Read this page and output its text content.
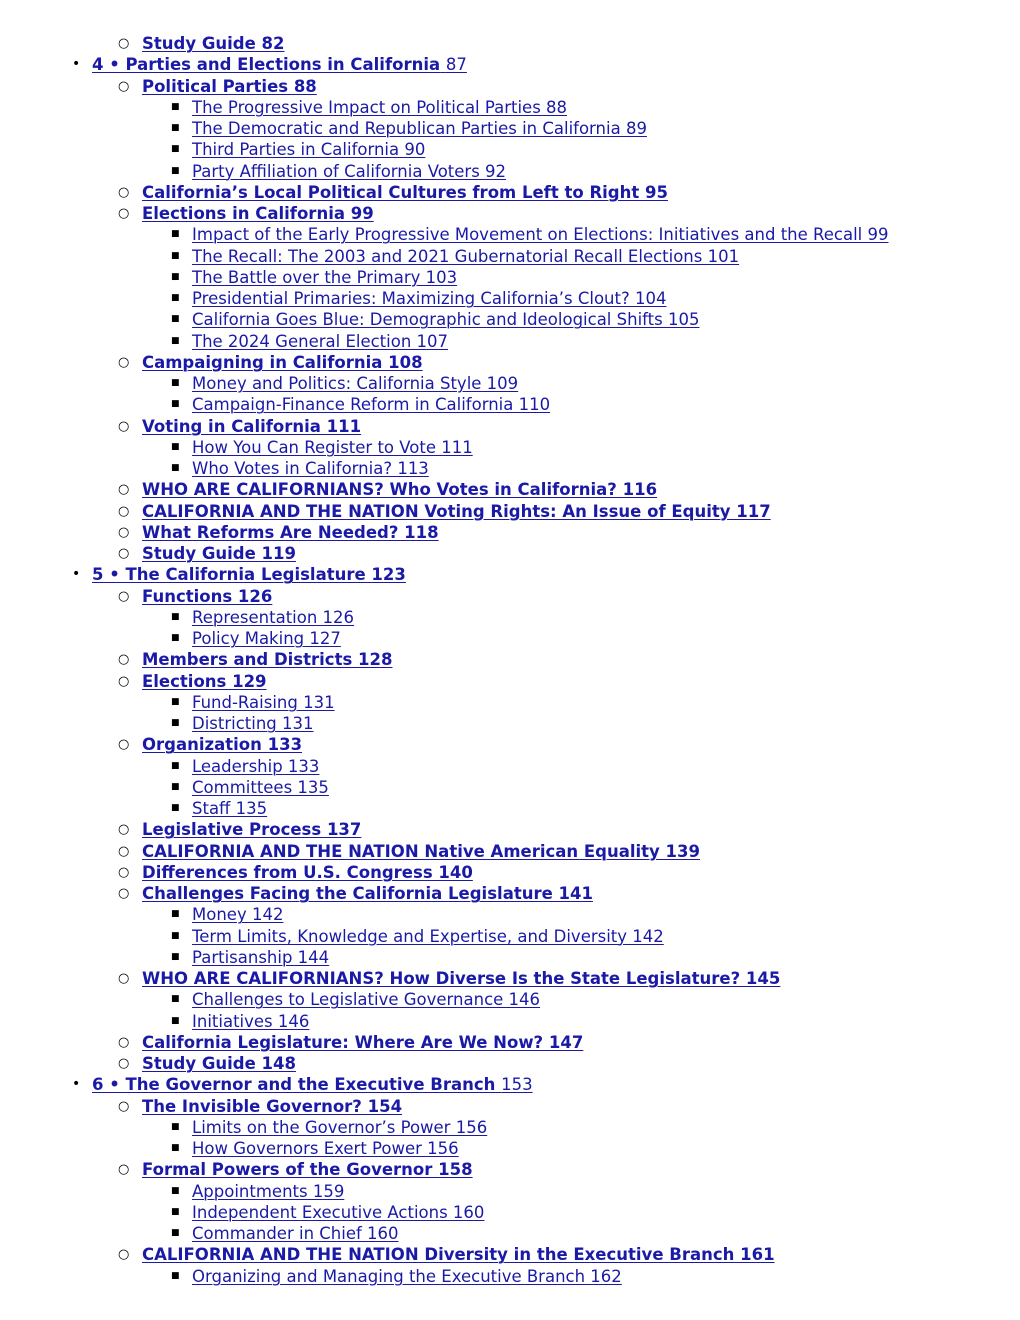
○ Study Guide 82
• 4 • Parties and Elections in California 87
○ Political Parties 88
■ The Progressive Impact on Political Parties 88
■ The Democratic and Republican Parties in California 89
■ Third Parties in California 90
■ Party Affiliation of California Voters 92
○ California’s Local Political Cultures from Left to Right 95
○ Elections in California 99
■ Impact of the Early Progressive Movement on Elections: Initiatives and the Recall 99
■ The Recall: The 2003 and 2021 Gubernatorial Recall Elections 101
■ The Battle over the Primary 103
■ Presidential Primaries: Maximizing California’s Clout? 104
■ California Goes Blue: Demographic and Ideological Shifts 105
■ The 2024 General Election 107
○ Campaigning in California 108
■ Money and Politics: California Style 109
■ Campaign-Finance Reform in California 110
○ Voting in California 111
■ How You Can Register to Vote 111
■ Who Votes in California? 113
○ WHO ARE CALIFORNIANS? Who Votes in California? 116
○ CALIFORNIA AND THE NATION Voting Rights: An Issue of Equity 117
○ What Reforms Are Needed? 118
○ Study Guide 119
• 5 • The California Legislature 123
○ Functions 126
■ Representation 126
■ Policy Making 127
○ Members and Districts 128
○ Elections 129
■ Fund-Raising 131
■ Districting 131
○ Organization 133
■ Leadership 133
■ Committees 135
■ Staff 135
○ Legislative Process 137
○ CALIFORNIA AND THE NATION Native American Equality 139
○ Differences from U.S. Congress 140
○ Challenges Facing the California Legislature 141
■ Money 142
■ Term Limits, Knowledge and Expertise, and Diversity 142
■ Partisanship 144
○ WHO ARE CALIFORNIANS? How Diverse Is the State Legislature? 145
■ Challenges to Legislative Governance 146
■ Initiatives 146
○ California Legislature: Where Are We Now? 147
○ Study Guide 148
• 6 • The Governor and the Executive Branch 153
○ The Invisible Governor? 154
■ Limits on the Governor’s Power 156
■ How Governors Exert Power 156
○ Formal Powers of the Governor 158
■ Appointments 159
■ Independent Executive Actions 160
■ Commander in Chief 160
○ CALIFORNIA AND THE NATION Diversity in the Executive Branch 161
■ Organizing and Managing the Executive Branch 162
